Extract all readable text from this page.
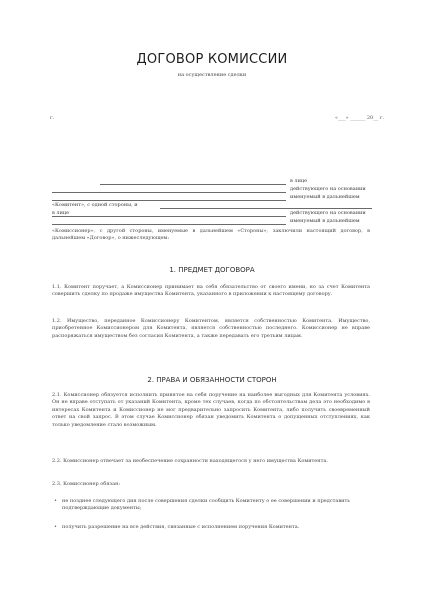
ДОГОВОР КОМИССИИ
на осуществление сделки
г.	«___» ______ 20__ г.
в лице
действующего на основании
именуемый в дальнейшем
«Комитент», с одной стороны, и
в лице	действующего на основании
именуемый в дальнейшем
«Комиссионер», с другой стороны, именуемые в дальнейшем «Стороны», заключили настоящий договор, в дальнейшем «Договор», о нижеследующем:
1. ПРЕДМЕТ ДОГОВОРА
1.1. Комитент поручает, а Комиссионер принимает на себя обязательство от своего имени, но за счет Комитента совершить сделку по продаже имущества Комитента, указанного в приложении к настоящему договору.
1.2. Имущество, переданное Комиссионеру Комитентом, является собственностью Комитента. Имущество, приобретенное Комиссионером для Комитента, является собственностью последнего. Комиссионер не вправе распоряжаться имуществом без согласия Комитента, а также передавать его третьим лицам.
2. ПРАВА И ОБЯЗАННОСТИ СТОРОН
2.1. Комиссионер обязуется исполнить принятое на себя поручение на наиболее выгодных для Комитента условиях. Он не вправе отступать от указаний Комитента, кроме тех случаев, когда по обстоятельствам дела это необходимо в интересах Комитента и Комиссионер не мог предварительно запросить Комитента, либо получить своевременный ответ на свой запрос. В этом случае Комиссионер обязан уведомить Комитента о допущенных отступлениях, как только уведомление стало возможным.
2.2. Комиссионер отвечает за необеспечение сохранности находящегося у него имущества Комитента.
2.3. Комиссионер обязан:
• не позднее следующего дня после совершения сделки сообщить Комитенту о ее совершении и представить подтверждающие документы;
• получить разрешение на все действия, связанные с исполнением поручения Комитента.
